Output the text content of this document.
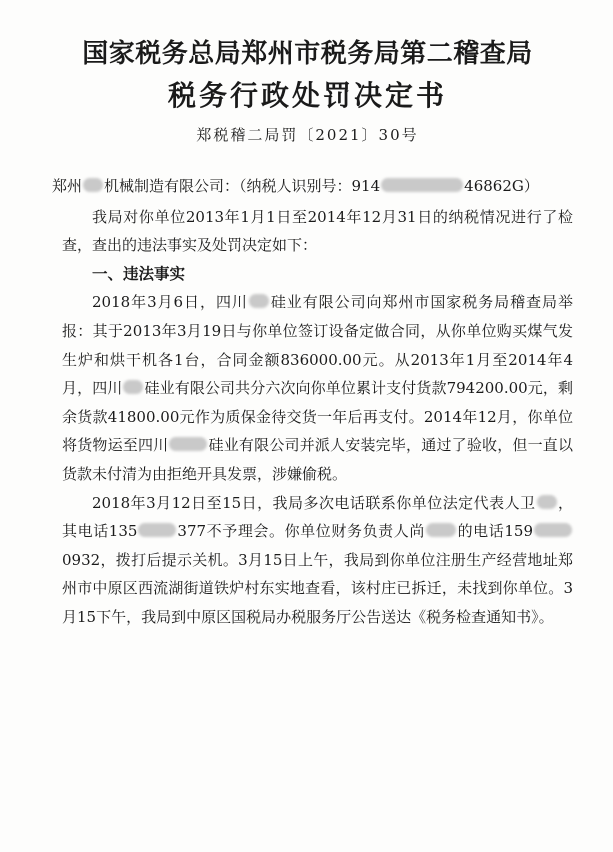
国家税务总局郑州市税务局第二稽查局
税务行政处罚决定书
郑税稽二局罚〔2021〕30号

郑州 机械制造有限公司：（纳税人识别号：914	46862G）

我局对你单位2013年1月1日至2014年12月31日的纳税情况进行了检查，查出的违法事实及处罚决定如下：

一、违法事实

2018年3月6日，四川 硅业有限公司向郑州市国家税务局稽查局举报：其于2013年3月19日与你单位签订设备定做合同，从你单位购买煤气发生炉和烘干机各1台，合同金额836000.00元。从2013年1月至2014年4月，四川 硅业有限公司共分六次向你单位累计支付货款794200.00元，剩余货款41800.00元作为质保金待交货一年后再支付。2014年12月，你单位将货物运至四川	硅业有限公司并派人安装完毕，通过了验收，但一直以货款未付清为由拒绝开具发票，涉嫌偷税。

2018年3月12日至15日，我局多次电话联系你单位法定代表人卫 ，其电话135	377不予理会。你单位财务负责人尚 的电话1590932，拨打后提示关机。3月15日上午，我局到你单位注册生产经营地址郑州市中原区西流湖街道铁炉村东实地查看，该村庄已拆迁，未找到你单位。3月15下午，我局到中原区国税局办税服务厅公告送达《税务检查通知书》。
